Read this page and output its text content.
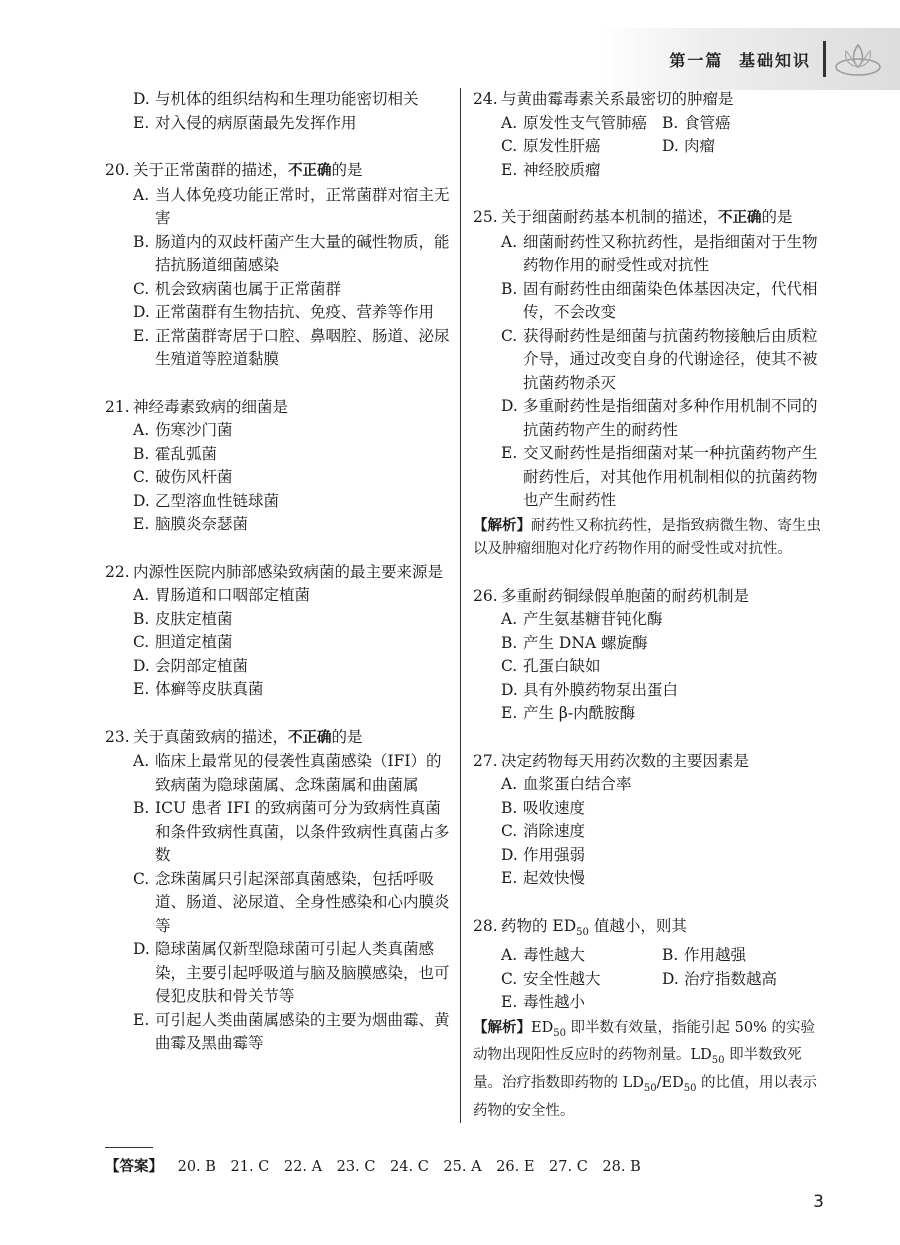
第一篇 基础知识
D. 与机体的组织结构和生理功能密切相关
E. 对入侵的病原菌最先发挥作用
20. 关于正常菌群的描述，不正确的是
A. 当人体免疫功能正常时，正常菌群对宿主无害
B. 肠道内的双歧杆菌产生大量的碱性物质，能拮抗肠道细菌感染
C. 机会致病菌也属于正常菌群
D. 正常菌群有生物拮抗、免疫、营养等作用
E. 正常菌群寄居于口腔、鼻咽腔、肠道、泌尿生殖道等腔道黏膜
21. 神经毒素致病的细菌是
A. 伤寒沙门菌
B. 霍乱弧菌
C. 破伤风杆菌
D. 乙型溶血性链球菌
E. 脑膜炎奈瑟菌
22. 内源性医院内肺部感染致病菌的最主要来源是
A. 胃肠道和口咽部定植菌
B. 皮肤定植菌
C. 胆道定植菌
D. 会阴部定植菌
E. 体癣等皮肤真菌
23. 关于真菌致病的描述，不正确的是
A. 临床上最常见的侵袭性真菌感染（IFI）的致病菌为隐球菌属、念珠菌属和曲菌属
B. ICU 患者 IFI 的致病菌可分为致病性真菌和条件致病性真菌，以条件致病性真菌占多数
C. 念珠菌属只引起深部真菌感染，包括呼吸道、肠道、泌尿道、全身性感染和心内膜炎等
D. 隐球菌属仅新型隐球菌可引起人类真菌感染，主要引起呼吸道与脑及脑膜感染，也可侵犯皮肤和骨关节等
E. 可引起人类曲菌属感染的主要为烟曲霉、黄曲霉及黑曲霉等
24. 与黄曲霉毒素关系最密切的肿瘤是
A. 原发性支气管肺癌 B. 食管癌
C. 原发性肝癌	D. 肉瘤
E. 神经胶质瘤
25. 关于细菌耐药基本机制的描述，不正确的是
A. 细菌耐药性又称抗药性，是指细菌对于生物药物作用的耐受性或对抗性
B. 固有耐药性由细菌染色体基因决定，代代相传，不会改变
C. 获得耐药性是细菌与抗菌药物接触后由质粒介导，通过改变自身的代谢途径，使其不被抗菌药物杀灭
D. 多重耐药性是指细菌对多种作用机制不同的抗菌药物产生的耐药性
E. 交叉耐药性是指细菌对某一种抗菌药物产生耐药性后，对其他作用机制相似的抗菌药物也产生耐药性
【解析】耐药性又称抗药性，是指致病微生物、寄生虫以及肿瘤细胞对化疗药物作用的耐受性或对抗性。
26. 多重耐药铜绿假单胞菌的耐药机制是
A. 产生氨基糖苷钝化酶
B. 产生 DNA 螺旋酶
C. 孔蛋白缺如
D. 具有外膜药物泵出蛋白
E. 产生 β-内酰胺酶
27. 决定药物每天用药次数的主要因素是
A. 血浆蛋白结合率
B. 吸收速度
C. 消除速度
D. 作用强弱
E. 起效快慢
28. 药物的 $ED_{50}$ 值越小，则其
A. 毒性越大	B. 作用越强
C. 安全性越大	D. 治疗指数越高
E. 毒性越小
【解析】$ED_{50}$ 即半数有效量，指能引起 50% 的实验动物出现阳性反应时的药物剂量。$LD_{50}$ 即半数致死量。治疗指数即药物的 $LD_{50}/ED_{50}$ 的比值，用以表示药物的安全性。
【答案】 20. B 21. C 22. A 23. C 24. C 25. A 26. E 27. C 28. B
3
